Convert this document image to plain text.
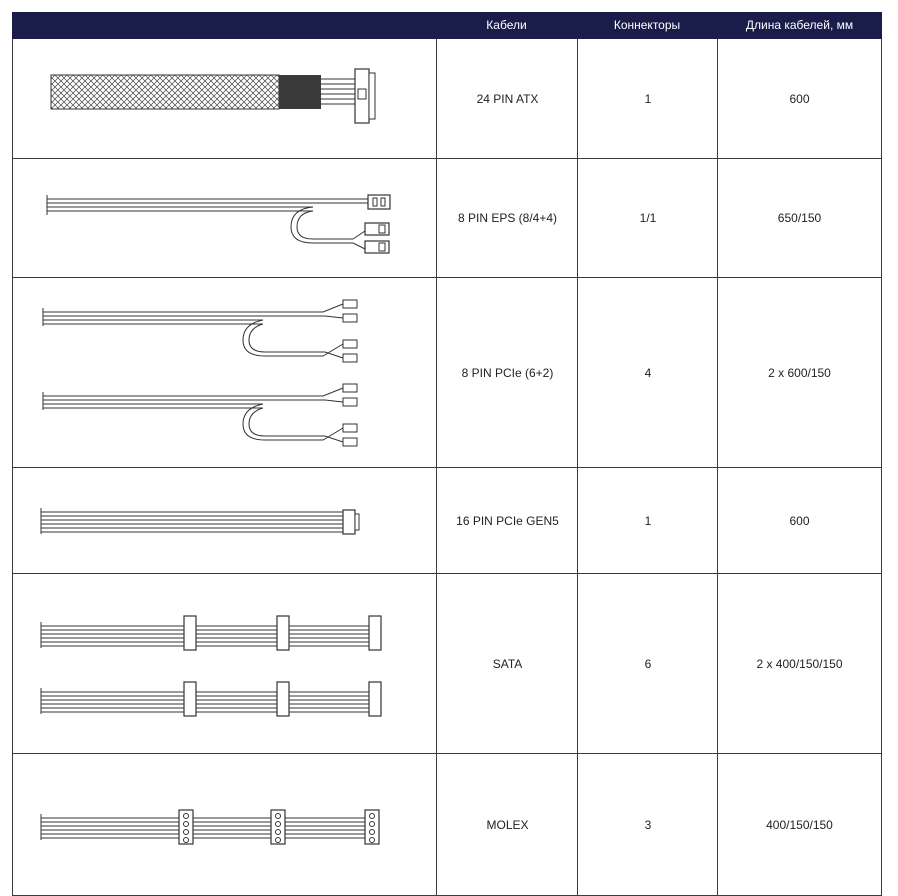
Кабели	Коннекторы	Длина кабелей, мм
24 PIN ATX	1	600
8 PIN EPS (8/4+4)	1/1	650/150
8 PIN PCIe (6+2)	4	2 x 600/150
16 PIN PCIe GEN5	1	600
SATA	6	2 x 400/150/150
MOLEX	3	400/150/150
